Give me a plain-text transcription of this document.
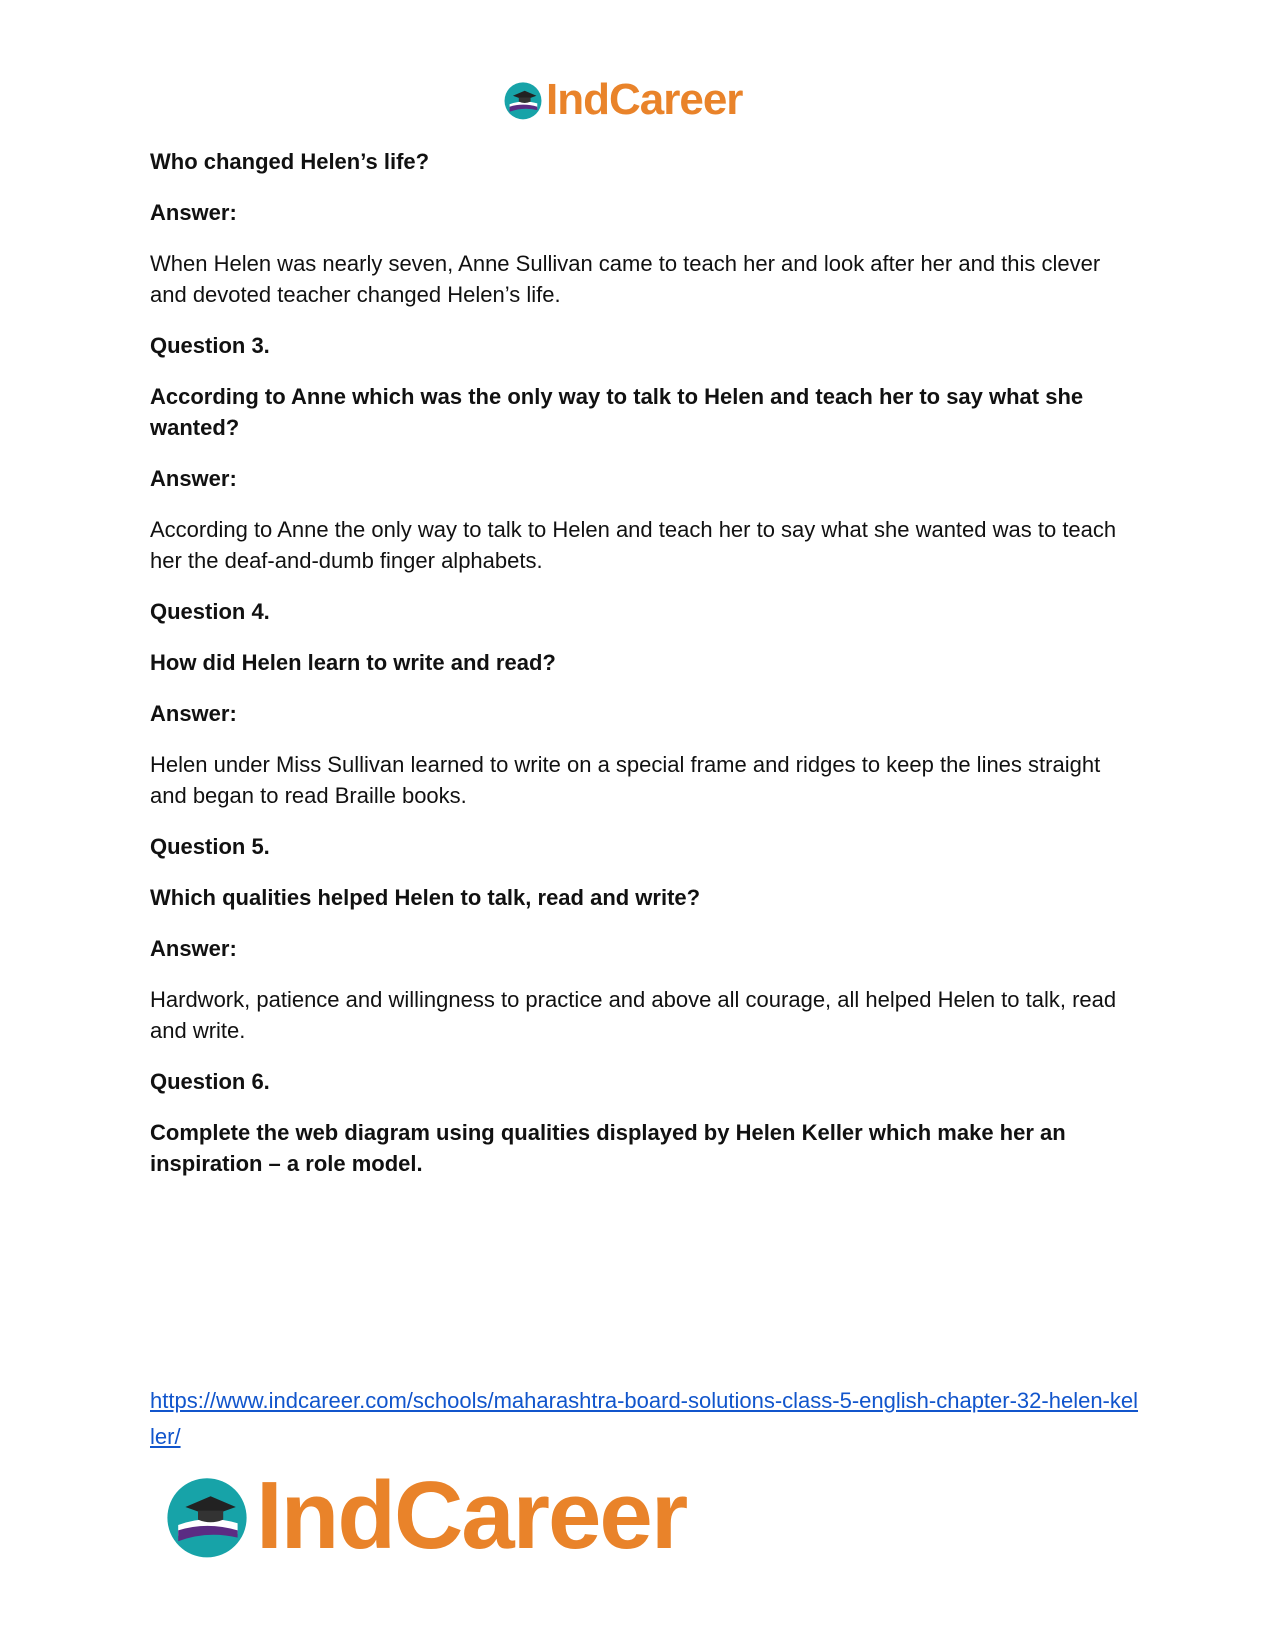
IndCareer

Who changed Helen’s life?

Answer:

When Helen was nearly seven, Anne Sullivan came to teach her and look after her and this clever and devoted teacher changed Helen’s life.

Question 3.

According to Anne which was the only way to talk to Helen and teach her to say what she wanted?

Answer:

According to Anne the only way to talk to Helen and teach her to say what she wanted was to teach her the deaf-and-dumb finger alphabets.

Question 4.

How did Helen learn to write and read?

Answer:

Helen under Miss Sullivan learned to write on a special frame and ridges to keep the lines straight and began to read Braille books.

Question 5.

Which qualities helped Helen to talk, read and write?

Answer:

Hardwork, patience and willingness to practice and above all courage, all helped Helen to talk, read and write.

Question 6.

Complete the web diagram using qualities displayed by Helen Keller which make her an inspiration – a role model.

https://www.indcareer.com/schools/maharashtra-board-solutions-class-5-english-chapter-32-helen-keller/
IndCareer
